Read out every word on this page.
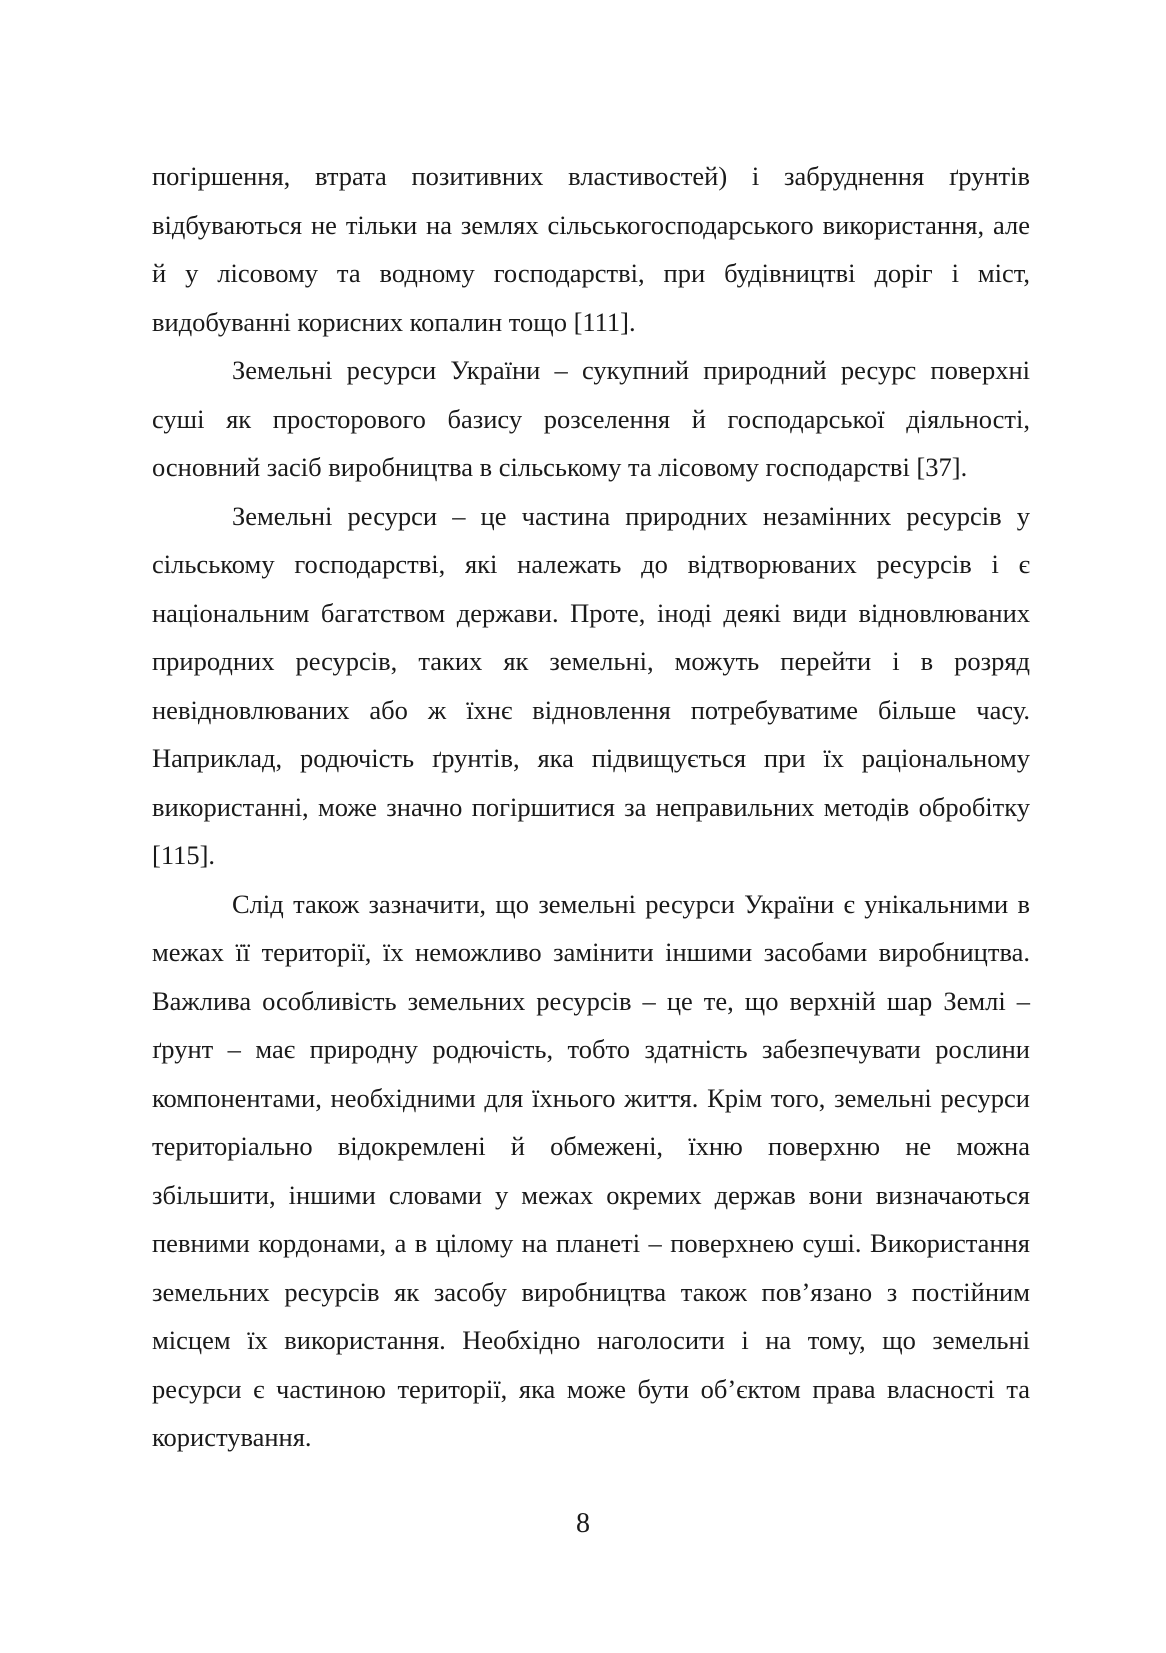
погіршення, втрата позитивних властивостей) і забруднення ґрунтів відбуваються не тільки на землях сільськогосподарського використання, але й у лісовому та водному господарстві, при будівництві доріг і міст, видобуванні корисних копалин тощо [111].

Земельні ресурси України – сукупний природний ресурс поверхні суші як просторового базису розселення й господарської діяльності, основний засіб виробництва в сільському та лісовому господарстві [37].

Земельні ресурси – це частина природних незамінних ресурсів у сільському господарстві, які належать до відтворюваних ресурсів і є національним багатством держави. Проте, іноді деякі види відновлюваних природних ресурсів, таких як земельні, можуть перейти і в розряд невідновлюваних або ж їхнє відновлення потребуватиме більше часу. Наприклад, родючість ґрунтів, яка підвищується при їх раціональному використанні, може значно погіршитися за неправильних методів обробітку [115].

Слід також зазначити, що земельні ресурси України є унікальними в межах її території, їх неможливо замінити іншими засобами виробництва. Важлива особливість земельних ресурсів – це те, що верхній шар Землі – ґрунт – має природну родючість, тобто здатність забезпечувати рослини компонентами, необхідними для їхнього життя. Крім того, земельні ресурси територіально відокремлені й обмежені, їхню поверхню не можна збільшити, іншими словами у межах окремих держав вони визначаються певними кордонами, а в цілому на планеті – поверхнею суші. Використання земельних ресурсів як засобу виробництва також пов’язано з постійним місцем їх використання. Необхідно наголосити і на тому, що земельні ресурси є частиною території, яка може бути об’єктом права власності та користування.

8
